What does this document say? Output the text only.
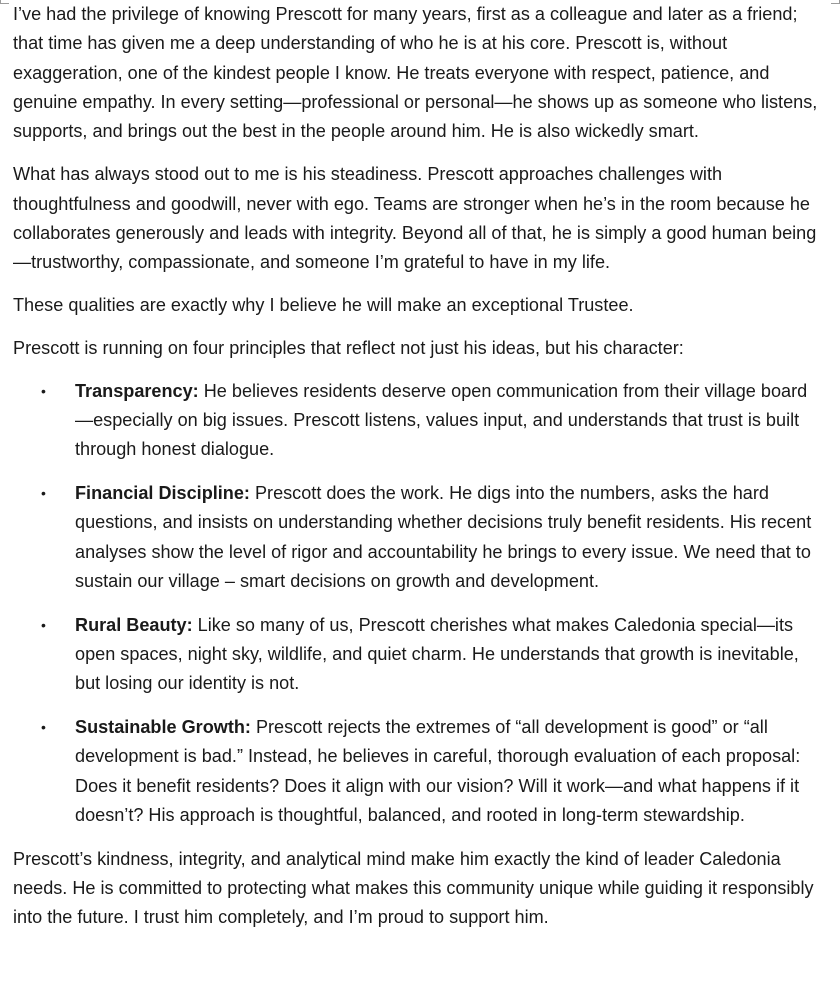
I’ve had the privilege of knowing Prescott for many years, first as a colleague and later as a friend; that time has given me a deep understanding of who he is at his core. Prescott is, without exaggeration, one of the kindest people I know. He treats everyone with respect, patience, and genuine empathy. In every setting—professional or personal—he shows up as someone who listens, supports, and brings out the best in the people around him. He is also wickedly smart.

What has always stood out to me is his steadiness. Prescott approaches challenges with thoughtfulness and goodwill, never with ego. Teams are stronger when he’s in the room because he collaborates generously and leads with integrity. Beyond all of that, he is simply a good human being—trustworthy, compassionate, and someone I’m grateful to have in my life.

These qualities are exactly why I believe he will make an exceptional Trustee.

Prescott is running on four principles that reflect not just his ideas, but his character:

• Transparency: He believes residents deserve open communication from their village board—especially on big issues. Prescott listens, values input, and understands that trust is built through honest dialogue.
• Financial Discipline: Prescott does the work. He digs into the numbers, asks the hard questions, and insists on understanding whether decisions truly benefit residents. His recent analyses show the level of rigor and accountability he brings to every issue. We need that to sustain our village – smart decisions on growth and development.
• Rural Beauty: Like so many of us, Prescott cherishes what makes Caledonia special—its open spaces, night sky, wildlife, and quiet charm. He understands that growth is inevitable, but losing our identity is not.
• Sustainable Growth: Prescott rejects the extremes of “all development is good” or “all development is bad.” Instead, he believes in careful, thorough evaluation of each proposal: Does it benefit residents? Does it align with our vision? Will it work—and what happens if it doesn’t? His approach is thoughtful, balanced, and rooted in long-term stewardship.

Prescott’s kindness, integrity, and analytical mind make him exactly the kind of leader Caledonia needs. He is committed to protecting what makes this community unique while guiding it responsibly into the future. I trust him completely, and I’m proud to support him.
